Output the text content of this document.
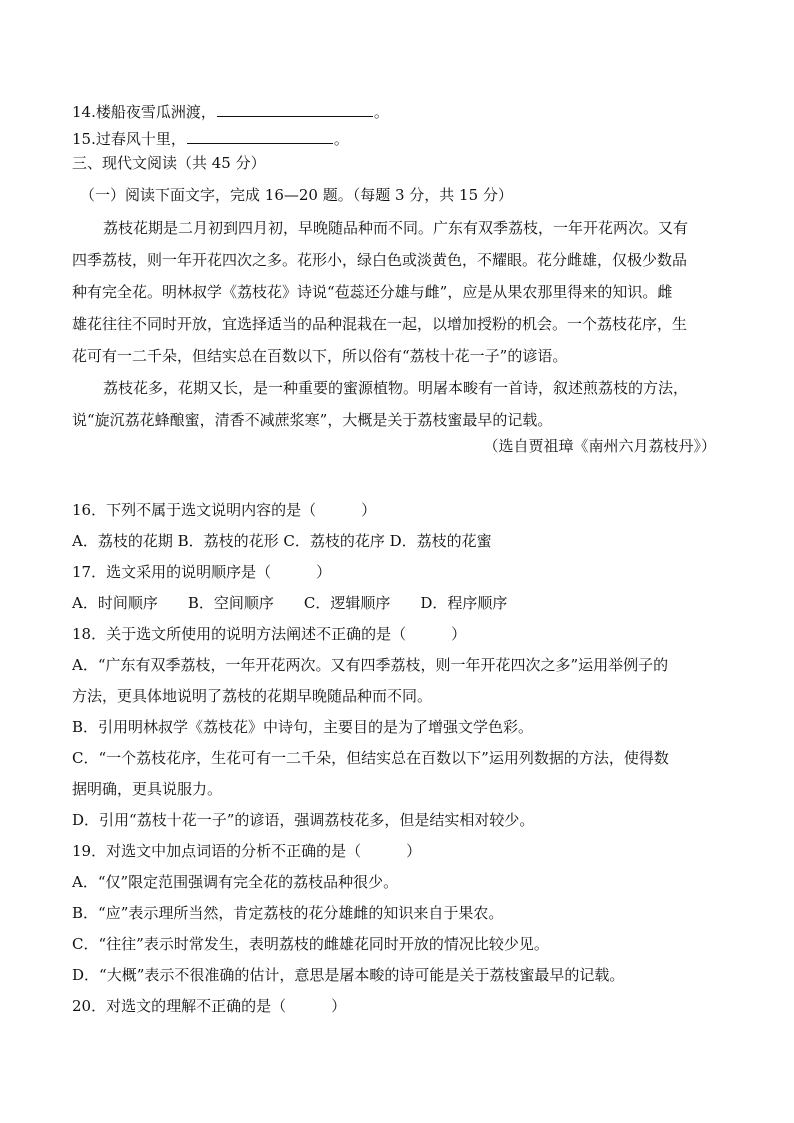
14.楼船夜雪瓜洲渡，	。
15.过春风十里，	。
三、现代文阅读（共 45 分）
（一）阅读下面文字，完成 16—20 题。（每题 3 分，共 15 分）
荔枝花期是二月初到四月初，早晚随品种而不同。广东有双季荔枝，一年开花两次。又有
四季荔枝，则一年开花四次之多。花形小，绿白色或淡黄色，不耀眼。花分雌雄，仅极少数品
种有完全花。明林叔学《荔枝花》诗说“苞蕊还分雄与雌”，应是从果农那里得来的知识。雌
雄花往往不同时开放，宜选择适当的品种混栽在一起，以增加授粉的机会。一个荔枝花序，生
花可有一二千朵，但结实总在百数以下，所以俗有“荔枝十花一子”的谚语。
荔枝花多，花期又长，是一种重要的蜜源植物。明屠本畯有一首诗，叙述煎荔枝的方法，
说“旋沉荔花蜂酿蜜，清香不减蔗浆寒”，大概是关于荔枝蜜最早的记载。
（选自贾祖璋《南州六月荔枝丹》）
16．下列不属于选文说明内容的是（　　　）
A．荔枝的花期 B．荔枝的花形 C．荔枝的花序 D．荔枝的花蜜
17．选文采用的说明顺序是（　　　）
A．时间顺序　　B．空间顺序　　C．逻辑顺序　　D．程序顺序
18．关于选文所使用的说明方法阐述不正确的是（　　　）
A．“广东有双季荔枝，一年开花两次。又有四季荔枝，则一年开花四次之多”运用举例子的
方法，更具体地说明了荔枝的花期早晚随品种而不同。
B．引用明林叔学《荔枝花》中诗句，主要目的是为了增强文学色彩。
C．“一个荔枝花序，生花可有一二千朵，但结实总在百数以下”运用列数据的方法，使得数
据明确，更具说服力。
D．引用“荔枝十花一子”的谚语，强调荔枝花多，但是结实相对较少。
19．对选文中加点词语的分析不正确的是（　　　）
A．“仅”限定范围强调有完全花的荔枝品种很少。
B．“应”表示理所当然，肯定荔枝的花分雄雌的知识来自于果农。
C．“往往”表示时常发生，表明荔枝的雌雄花同时开放的情况比较少见。
D．“大概”表示不很准确的估计，意思是屠本畯的诗可能是关于荔枝蜜最早的记载。
20．对选文的理解不正确的是（　　　）
